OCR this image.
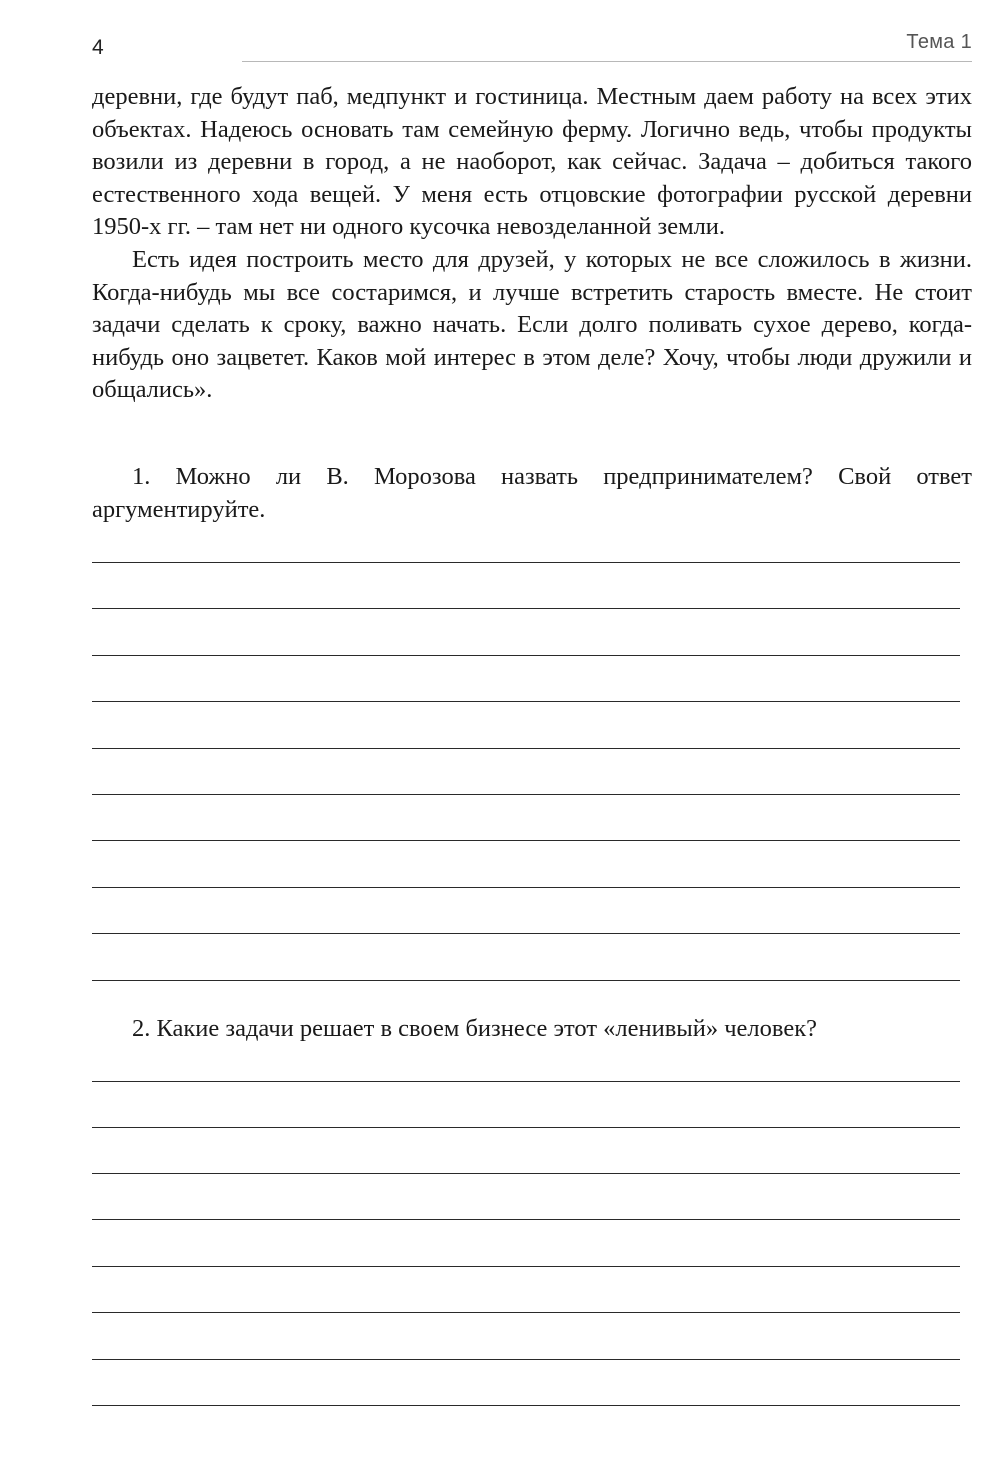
4	Тема 1

деревни, где будут паб, медпункт и гостиница. Местным даем работу на всех этих объектах. Надеюсь основать там семейную ферму. Логично ведь, чтобы продукты возили из деревни в город, а не наоборот, как сейчас. Задача – добиться такого естественного хода вещей. У меня есть отцовские фотографии русской деревни 1950-х гг. – там нет ни одного кусочка невозделанной земли.

Есть идея построить место для друзей, у которых не все сложилось в жизни. Когда-нибудь мы все состаримся, и лучше встретить старость вместе. Не стоит задачи сделать к сроку, важно начать. Если долго поливать сухое дерево, когда-нибудь оно зацветет. Каков мой интерес в этом деле? Хочу, чтобы люди дружили и общались».

1. Можно ли В. Морозова назвать предпринимателем? Свой ответ аргументируйте.

2. Какие задачи решает в своем бизнесе этот «ленивый» человек?
